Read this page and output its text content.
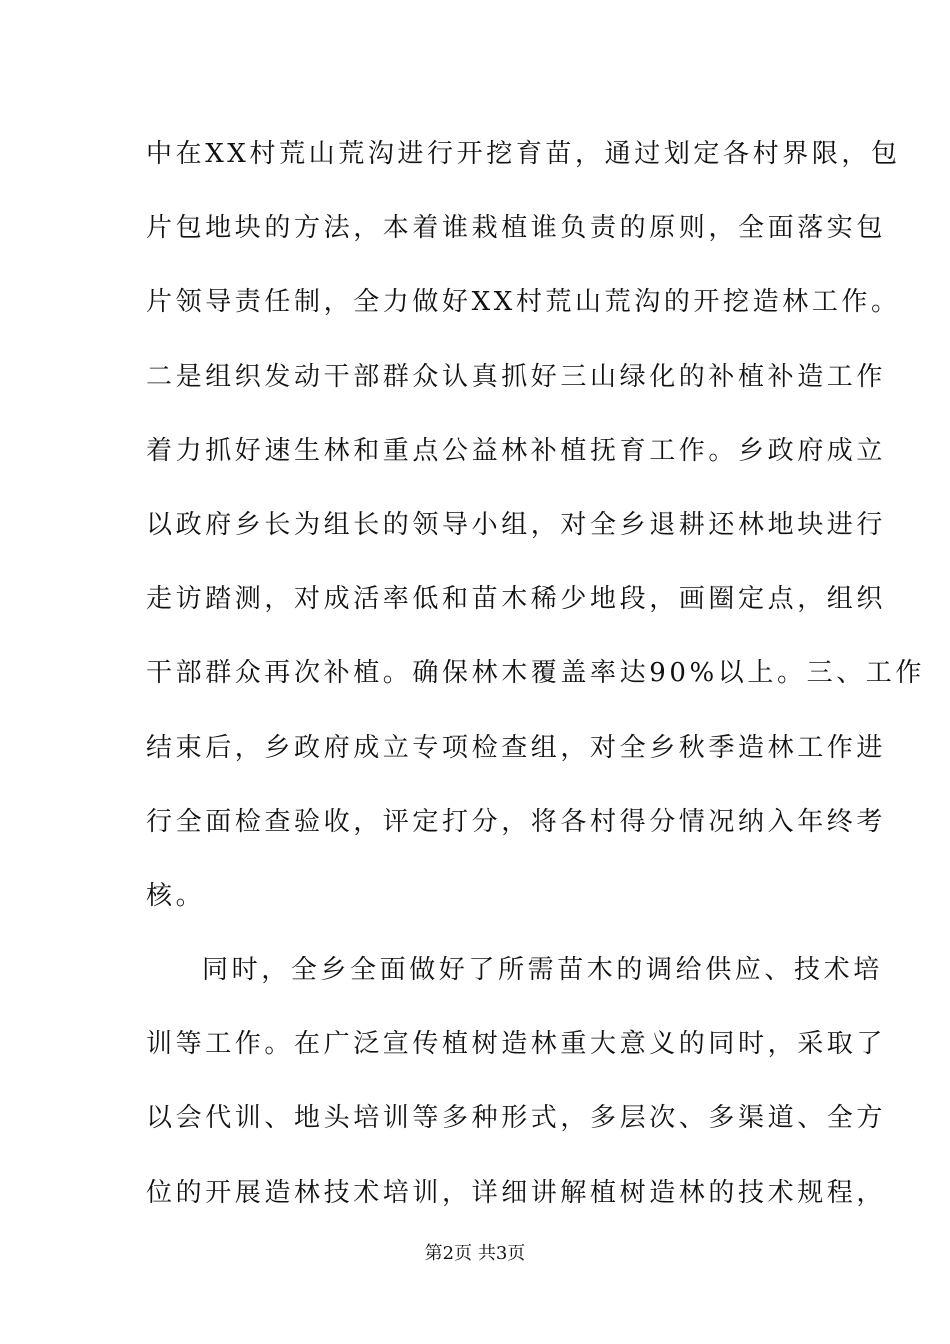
中在XX村荒山荒沟进行开挖育苗，通过划定各村界限，包
片包地块的方法，本着谁栽植谁负责的原则，全面落实包
片领导责任制，全力做好XX村荒山荒沟的开挖造林工作。
二是组织发动干部群众认真抓好三山绿化的补植补造工作
着力抓好速生林和重点公益林补植抚育工作。乡政府成立
以政府乡长为组长的领导小组，对全乡退耕还林地块进行
走访踏测，对成活率低和苗木稀少地段，画圈定点，组织
干部群众再次补植。确保林木覆盖率达90%以上。三、工作
结束后，乡政府成立专项检查组，对全乡秋季造林工作进
行全面检查验收，评定打分，将各村得分情况纳入年终考
核。
同时，全乡全面做好了所需苗木的调给供应、技术培
训等工作。在广泛宣传植树造林重大意义的同时，采取了
以会代训、地头培训等多种形式，多层次、多渠道、全方
位的开展造林技术培训，详细讲解植树造林的技术规程，
第2页 共3页
